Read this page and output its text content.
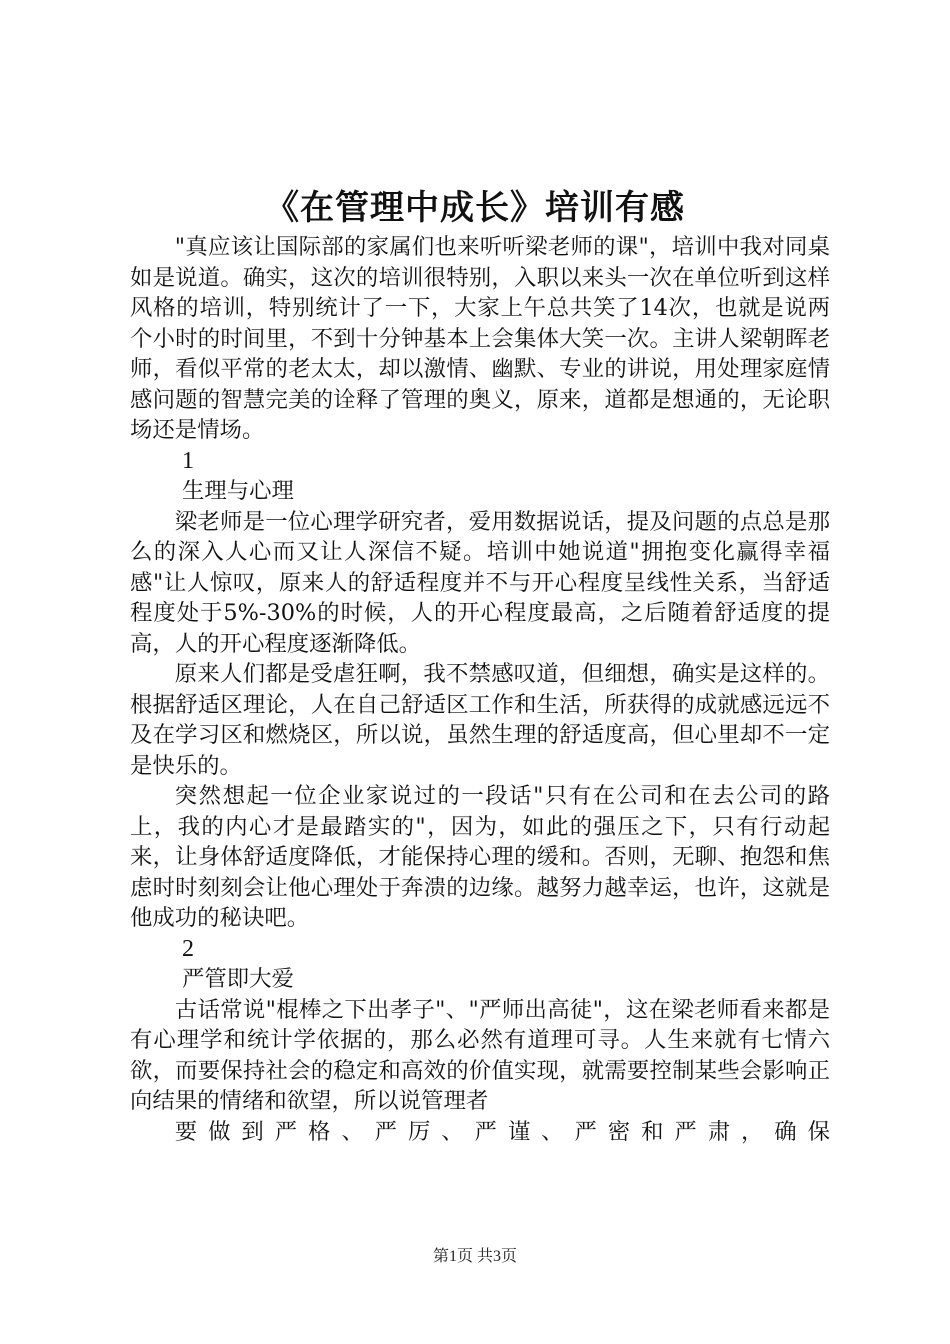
《在管理中成长》培训有感

"真应该让国际部的家属们也来听听梁老师的课"，培训中我对同桌如是说道。确实，这次的培训很特别，入职以来头一次在单位听到这样风格的培训，特别统计了一下，大家上午总共笑了14次，也就是说两个小时的时间里，不到十分钟基本上会集体大笑一次。主讲人梁朝晖老师，看似平常的老太太，却以激情、幽默、专业的讲说，用处理家庭情感问题的智慧完美的诠释了管理的奥义，原来，道都是想通的，无论职场还是情场。

1
生理与心理

梁老师是一位心理学研究者，爱用数据说话，提及问题的点总是那么的深入人心而又让人深信不疑。培训中她说道"拥抱变化赢得幸福感"让人惊叹，原来人的舒适程度并不与开心程度呈线性关系，当舒适程度处于5%-30%的时候，人的开心程度最高，之后随着舒适度的提高，人的开心程度逐渐降低。

原来人们都是受虐狂啊，我不禁感叹道，但细想，确实是这样的。根据舒适区理论，人在自己舒适区工作和生活，所获得的成就感远远不及在学习区和燃烧区，所以说，虽然生理的舒适度高，但心里却不一定是快乐的。

突然想起一位企业家说过的一段话"只有在公司和在去公司的路上，我的内心才是最踏实的"，因为，如此的强压之下，只有行动起来，让身体舒适度降低，才能保持心理的缓和。否则，无聊、抱怨和焦虑时时刻刻会让他心理处于奔溃的边缘。越努力越幸运，也许，这就是他成功的秘诀吧。

2
严管即大爱

古话常说"棍棒之下出孝子"、"严师出高徒"，这在梁老师看来都是有心理学和统计学依据的，那么必然有道理可寻。人生来就有七情六欲，而要保持社会的稳定和高效的价值实现，就需要控制某些会影响正向结果的情绪和欲望，所以说管理者
要做到严格、严厉、严谨、严密和严肃，确保

第1页 共3页
